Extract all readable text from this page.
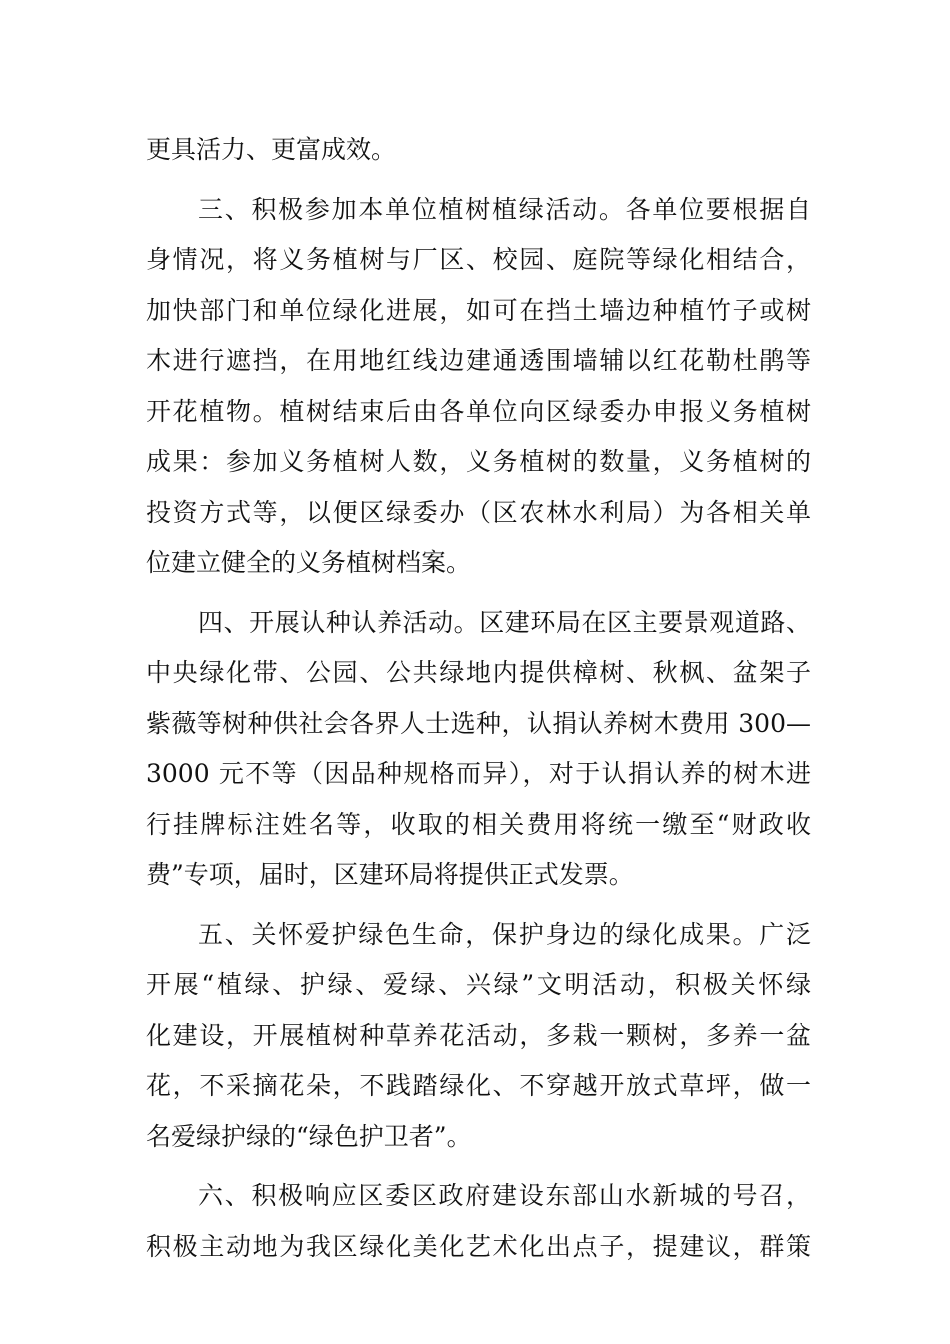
更具活力、更富成效。
三、积极参加本单位植树植绿活动。各单位要根据自
身情况，将义务植树与厂区、校园、庭院等绿化相结合，
加快部门和单位绿化进展，如可在挡土墙边种植竹子或树
木进行遮挡，在用地红线边建通透围墙辅以红花勒杜鹃等
开花植物。植树结束后由各单位向区绿委办申报义务植树
成果：参加义务植树人数，义务植树的数量，义务植树的
投资方式等，以便区绿委办（区农林水利局）为各相关单
位建立健全的义务植树档案。
四、开展认种认养活动。区建环局在区主要景观道路、
中央绿化带、公园、公共绿地内提供樟树、秋枫、盆架子
紫薇等树种供社会各界人士选种，认捐认养树木费用 300—
3000 元不等（因品种规格而异），对于认捐认养的树木进
行挂牌标注姓名等，收取的相关费用将统一缴至“财政收
费”专项，届时，区建环局将提供正式发票。
五、关怀爱护绿色生命，保护身边的绿化成果。广泛
开展“植绿、护绿、爱绿、兴绿”文明活动，积极关怀绿
化建设，开展植树种草养花活动，多栽一颗树，多养一盆
花，不采摘花朵，不践踏绿化、不穿越开放式草坪，做一
名爱绿护绿的“绿色护卫者”。
六、积极响应区委区政府建设东部山水新城的号召，
积极主动地为我区绿化美化艺术化出点子，提建议，群策
